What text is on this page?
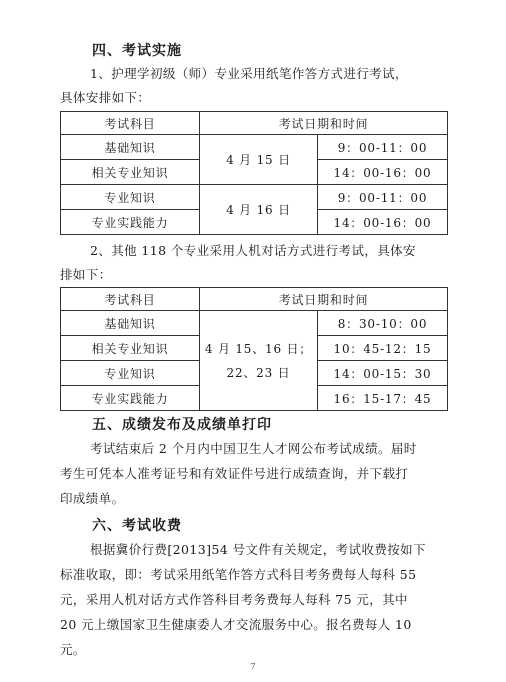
四、考试实施
1、护理学初级（师）专业采用纸笔作答方式进行考试，
具体安排如下：
考试科目	考试日期和时间	
基础知识	4 月 15 日	9：00-11：00
相关专业知识		14：00-16：00
专业知识	4 月 16 日	9：00-11：00
专业实践能力		14：00-16：00
2、其他 118 个专业采用人机对话方式进行考试，具体安
排如下：
考试科目	考试日期和时间	
基础知识	4 月 15、16 日；
22、23 日	8：30-10：00
相关专业知识		10：45-12：15
专业知识		14：00-15：30
专业实践能力		16：15-17：45
五、成绩发布及成绩单打印
考试结束后 2 个月内中国卫生人才网公布考试成绩。届时
考生可凭本人准考证号和有效证件号进行成绩查询，并下载打
印成绩单。
六、考试收费
根据冀价行费[2013]54 号文件有关规定，考试收费按如下
标准收取，即：考试采用纸笔作答方式科目考务费每人每科 55
元，采用人机对话方式作答科目考务费每人每科 75 元，其中
20 元上缴国家卫生健康委人才交流服务中心。报名费每人 10
元。
7
